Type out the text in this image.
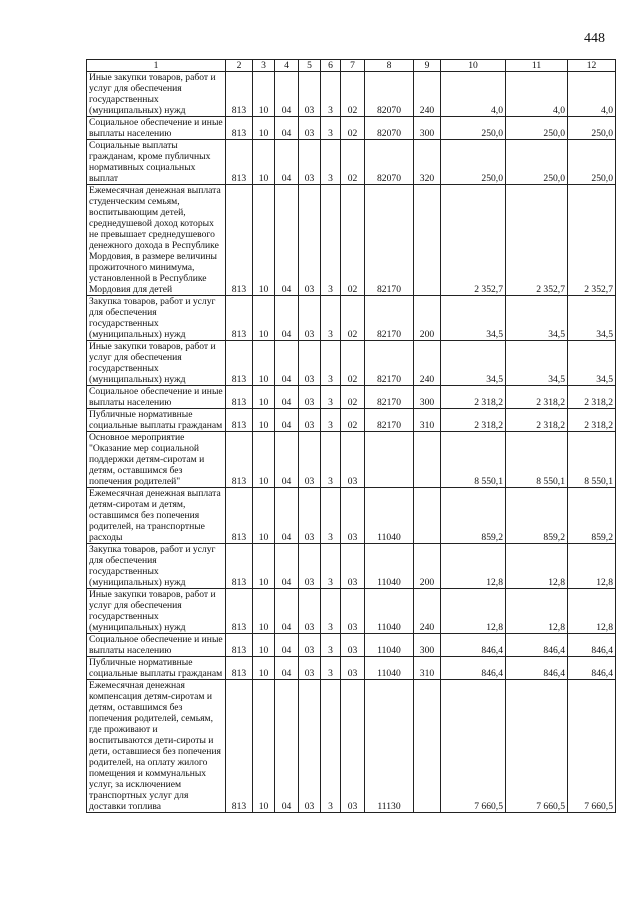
448
1	2	3	4	5	6	7	8	9	10	11	12
Иные закупки товаров, работ и услуг для обеспечения государственных (муниципальных) нужд	813	10	04	03	3	02	82070	240	4,0	4,0	4,0
Социальное обеспечение и иные выплаты населению	813	10	04	03	3	02	82070	300	250,0	250,0	250,0
Социальные выплаты гражданам, кроме публичных нормативных социальных выплат	813	10	04	03	3	02	82070	320	250,0	250,0	250,0
Ежемесячная денежная выплата студенческим семьям, воспитывающим детей, среднедушевой доход которых не превышает среднедушевого денежного дохода в Республике Мордовия, в размере величины прожиточного минимума, установленной в Республике Мордовия для детей	813	10	04	03	3	02	82170		2 352,7	2 352,7	2 352,7
Закупка товаров, работ и услуг для обеспечения государственных (муниципальных) нужд	813	10	04	03	3	02	82170	200	34,5	34,5	34,5
Иные закупки товаров, работ и услуг для обеспечения государственных (муниципальных) нужд	813	10	04	03	3	02	82170	240	34,5	34,5	34,5
Социальное обеспечение и иные выплаты населению	813	10	04	03	3	02	82170	300	2 318,2	2 318,2	2 318,2
Публичные нормативные социальные выплаты гражданам	813	10	04	03	3	02	82170	310	2 318,2	2 318,2	2 318,2
Основное мероприятие "Оказание мер социальной поддержки детям-сиротам и детям, оставшимся без попечения родителей"	813	10	04	03	3	03			8 550,1	8 550,1	8 550,1
Ежемесячная денежная выплата детям-сиротам и детям, оставшимся без попечения родителей, на транспортные расходы	813	10	04	03	3	03	11040		859,2	859,2	859,2
Закупка товаров, работ и услуг для обеспечения государственных (муниципальных) нужд	813	10	04	03	3	03	11040	200	12,8	12,8	12,8
Иные закупки товаров, работ и услуг для обеспечения государственных (муниципальных) нужд	813	10	04	03	3	03	11040	240	12,8	12,8	12,8
Социальное обеспечение и иные выплаты населению	813	10	04	03	3	03	11040	300	846,4	846,4	846,4
Публичные нормативные социальные выплаты гражданам	813	10	04	03	3	03	11040	310	846,4	846,4	846,4
Ежемесячная денежная компенсация детям-сиротам и детям, оставшимся без попечения родителей, семьям, где проживают и воспитываются дети-сироты и дети, оставшиеся без попечения родителей, на оплату жилого помещения и коммунальных услуг, за исключением транспортных услуг для доставки топлива	813	10	04	03	3	03	11130		7 660,5	7 660,5	7 660,5
